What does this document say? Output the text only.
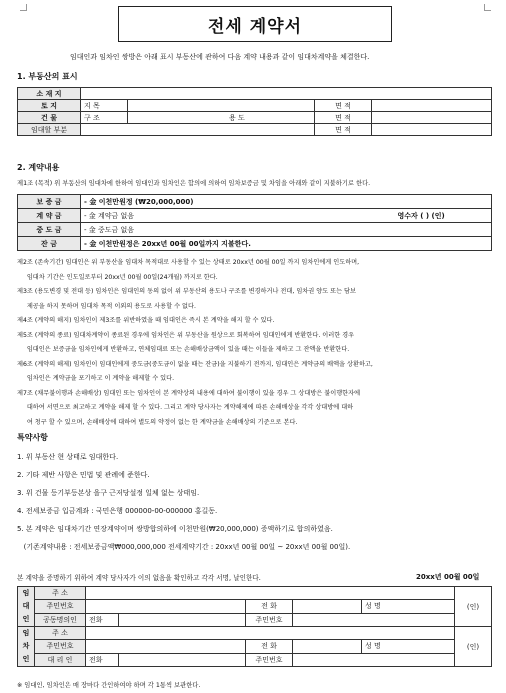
전세 계약서
임대인과 임차인 쌍방은 아래 표시 부동산에 관하여 다음 계약 내용과 같이 임대차계약을 체결한다.
1. 부동산의 표시
소 재 지				
토 지	지 목		면 적	
건 물	구 조	용 도	면 적	
임대할 부분			면 적	
2. 계약내용
제1조 (목적) 위 부동산의 임대차에 한하여 임대인과 임차인은 합의에 의하여 임차보증금 및 차임을 아래와 같이 지불하기로 한다.
보 증 금	- 金 이천만원정 (₩20,000,000)
계 약 금	- 金 계약금 없음 영수자 ( ) (인)

중 도 금	- 金 중도금 없음
잔 금	- 金 이천만원정은 20xx년 00월 00일까지 지불한다.
제2조 (존속기간) 임대인은 위 부동산을 임대차 목적대로 사용할 수 있는 상태로 20xx년 00월 00일 까지 임차인에게 인도하며,
임대차 기간은 인도일로부터 20xx년 00월 00일(24개월) 까지로 한다.
제3조 (용도변경 및 전대 등) 임차인은 임대인의 동의 없이 위 부동산의 용도나 구조를 변경하거나 전대, 임차권 양도 또는 담보
제공을 하지 못하며 임대차 목적 이외의 용도로 사용할 수 없다.
제4조 (계약의 해지) 임차인이 제3조를 위반하였을 때 임대인은 즉시 본 계약을 해지 할 수 있다.
제5조 (계약의 종료) 임대차계약이 종료된 경우에 임차인은 위 부동산을 원상으로 회복하여 임대인에게 반환한다. 이러한 경우
임대인은 보증금을 임차인에게 반환하고, 연체임대료 또는 손해배상금액이 있을 때는 이들을 제하고 그 잔액을 반환한다.
제6조 (계약의 해제) 임차인이 임대인에게 중도금(중도금이 없을 때는 잔금)을 지불하기 전까지, 임대인은 계약금의 배액을 상환하고,
임차인은 계약금을 포기하고 이 계약을 해제할 수 있다.
제7조 (채무불이행과 손해배상) 임대인 또는 임차인이 본 계약상의 내용에 대하여 불이행이 있을 경우 그 상대방은 불이행한자에
대하여 서면으로 최고하고 계약을 해제 할 수 있다. 그리고 계약 당사자는 계약해제에 따른 손해배상을 각각 상대방에 대하
여 청구 할 수 있으며, 손해배상에 대하여 별도의 약정이 없는 한 계약금을 손해배상의 기준으로 본다.
특약사항
1. 위 부동산 현 상태로 임대한다.
2. 기타 제반 사항은 민법 및 관례에 준한다.
3. 위 건물 등기부등본상 을구 근저당설정 일체 없는 상태임.
4. 전세보증금 입금계좌 : 국민은행 000000-00-000000 홍길동.
5. 본 계약은 임대차기간 연장계약이며 쌍방합의하에 이천만원(₩20,000,000) 증액하기로 합의하였음.
(기존계약내용 : 전세보증금액₩000,000,000 전세계약기간 : 20xx년 00월 00일 ~ 20xx년 00월 00일).
본 계약을 증명하기 위하여 계약 당사자가 이의 없음을 확인하고 각각 서명, 날인한다.	20xx년 00월 00일
임
대
인	주 소						(인)
	주민번호			전 화		성 명	
	공동명의인	전화		주민번호			

임
차
인	주 소						(인)
	주민번호			전 화		성 명	
	대 리 인	전화		주민번호			
※ 임대인, 임차인은 매 장마다 간인하여야 하며 각 1통씩 보관한다.
